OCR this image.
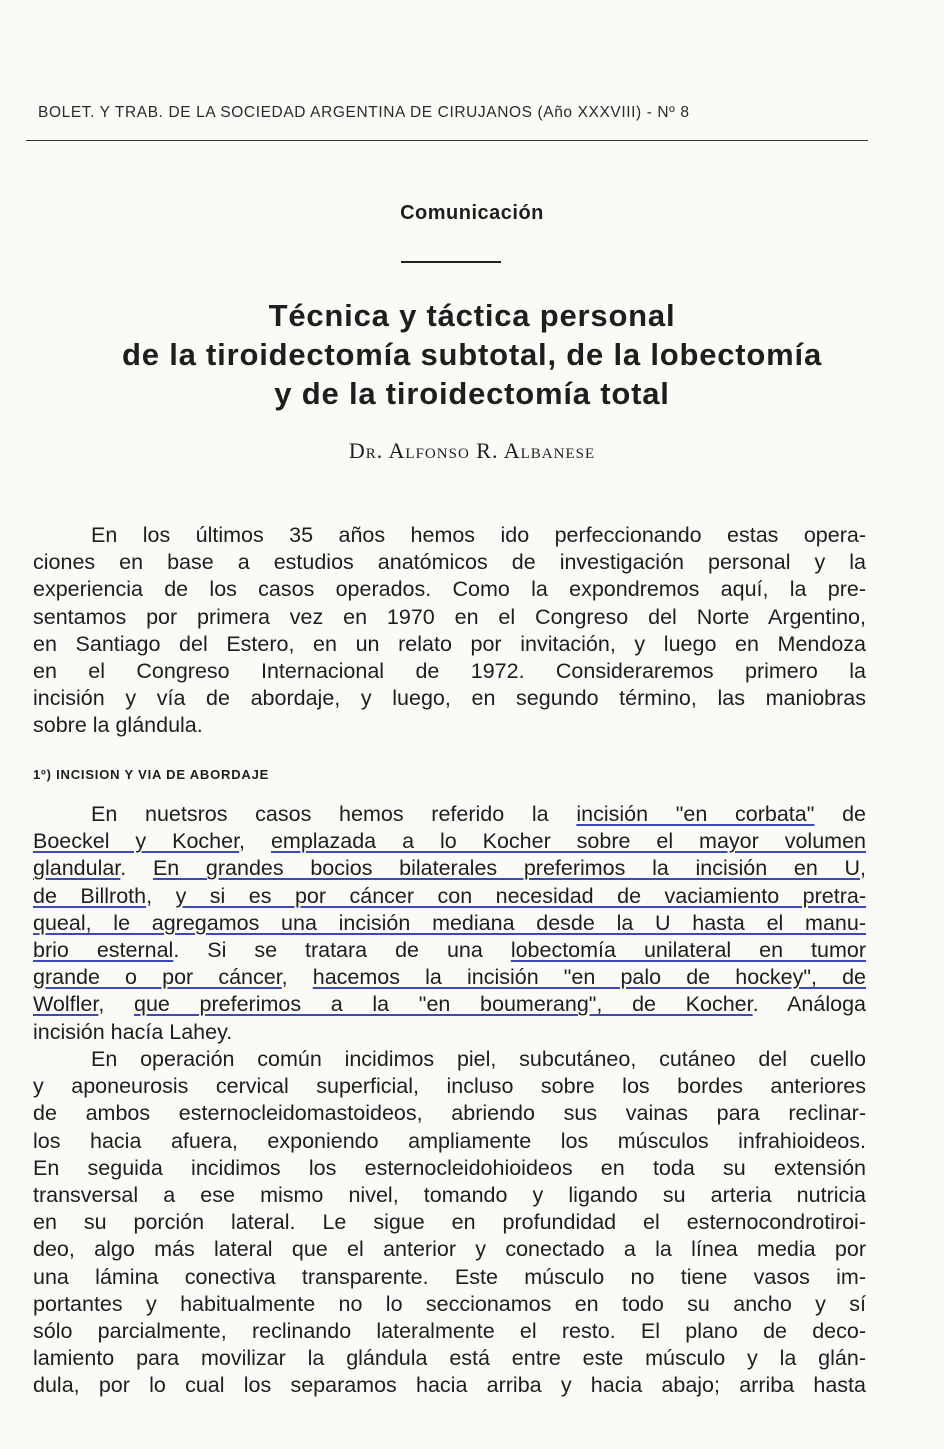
BOLET. Y TRAB. DE LA SOCIEDAD ARGENTINA DE CIRUJANOS (Año XXXVIII) - Nº 8
Comunicación
Técnica y táctica personal
de la tiroidectomía subtotal, de la lobectomía
y de la tiroidectomía total
Dr. Alfonso R. Albanese
En los últimos 35 años hemos ido perfeccionando estas opera-
ciones en base a estudios anatómicos de investigación personal y la
experiencia de los casos operados. Como la expondremos aquí, la pre-
sentamos por primera vez en 1970 en el Congreso del Norte Argentino,
en Santiago del Estero, en un relato por invitación, y luego en Mendoza
en el Congreso Internacional de 1972. Consideraremos primero la
incisión y vía de abordaje, y luego, en segundo término, las maniobras
sobre la glándula.
1º) INCISION Y VIA DE ABORDAJE
En nuetsros casos hemos referido la incisión "en corbata" de
Boeckel y Kocher, emplazada a lo Kocher sobre el mayor volumen
glandular. En grandes bocios bilaterales preferimos la incisión en U,
de Billroth, y si es por cáncer con necesidad de vaciamiento pretra-
queal, le agregamos una incisión mediana desde la U hasta el manu-
brio esternal. Si se tratara de una lobectomía unilateral en tumor
grande o por cáncer, hacemos la incisión "en palo de hockey", de
Wolfler, que preferimos a la "en boumerang", de Kocher. Análoga
incisión hacía Lahey.
En operación común incidimos piel, subcutáneo, cutáneo del cuello
y aponeurosis cervical superficial, incluso sobre los bordes anteriores
de ambos esternocleidomastoideos, abriendo sus vainas para reclinar-
los hacia afuera, exponiendo ampliamente los músculos infrahioideos.
En seguida incidimos los esternocleidohioideos en toda su extensión
transversal a ese mismo nivel, tomando y ligando su arteria nutricia
en su porción lateral. Le sigue en profundidad el esternocondrotiroi-
deo, algo más lateral que el anterior y conectado a la línea media por
una lámina conectiva transparente. Este músculo no tiene vasos im-
portantes y habitualmente no lo seccionamos en todo su ancho y sí
sólo parcialmente, reclinando lateralmente el resto. El plano de deco-
lamiento para movilizar la glándula está entre este músculo y la glán-
dula, por lo cual los separamos hacia arriba y hacia abajo; arriba hasta
